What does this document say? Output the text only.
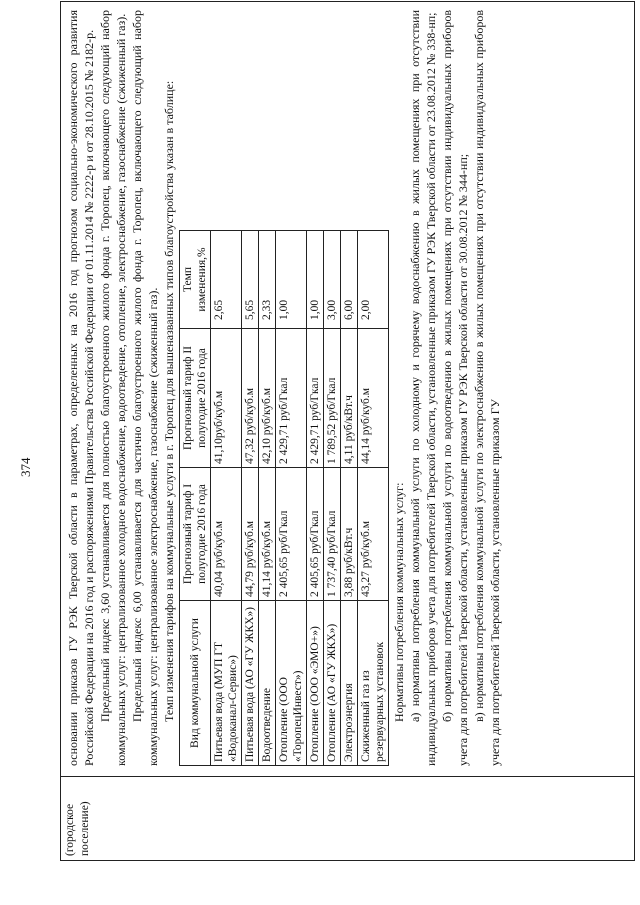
374
(городское поселение)

основании приказов ГУ РЭК Тверской области в параметрах, определенных на 2016 год прогнозом социально-экономического развития Российской Федерации на 2016 год и распоряжениями Правительства Российской Федерации от 01.11.2014 № 2222-р и от 28.10.2015 № 2182-р. Предельный индекс 3,60 устанавливается для полностью благоустроенного жилого фонда г. Торопец, включающего следующий набор коммунальных услуг: централизованное холодное водоснабжение, водоотведение, отопление, электроснабжение, газоснабжение (сжиженный газ). Предельный индекс 6,00 устанавливается для частично благоустроенного жилого фонда г. Торопец, включающего следующий набор коммунальных услуг: централизованное электроснабжение, газоснабжение (сжиженный газ). Темп изменения тарифов на коммунальные услуги в г. Торопец для вышеназванных типов благоустройства указан в таблице: Вид коммунальной услуги	Прогнозный тариф I полугодие 2016 года	Прогнозный тариф II полугодие 2016 года	Темп изменения,%
Питьевая вода (МУП ГТ «Водоканал-Сервис»)	40,04 руб/куб.м	41,10руб/куб.м	2,65
Питьевая вода (АО «ГУ ЖКХ»)	44,79 руб/куб.м	47,32 руб/куб.м	5,65
Водоотведение	41,14 руб/куб.м	42,10 руб/куб.м	2,33
Отопление (ООО «ТоропецИнвест»)	2 405,65 руб/Гкал	2 429,71 руб/Гкал	1,00
Отопление (ООО «ЭМО+»)	2 405,65 руб/Гкал	2 429,71 руб/Гкал	1,00
Отопление (АО «ГУ ЖКХ»)	1 737,40 руб/Гкал	1 789,52 руб/Гкал	3,00
Электроэнергия	3,88 руб/кВт.ч	4,11 руб/кВт.ч	6,00
Сжиженный газ из резервуарных установок	43,27 руб/куб.м	44,14 руб/куб.м	2,00

Нормативы потребления коммунальных услуг: а) нормативы потребления коммунальной услуги по холодному и горячему водоснабжению в жилых помещениях при отсутствии индивидуальных приборов учета для потребителей Тверской области, установленные приказом ГУ РЭК Тверской области от 23.08.2012 № 338-нп; б) нормативы потребления коммунальной услуги по водоотведению в жилых помещениях при отсутствии индивидуальных приборов учета для потребителей Тверской области, установленные приказом ГУ РЭК Тверской области от 30.08.2012 № 344-нп; в) нормативы потребления коммунальной услуги по электроснабжению в жилых помещениях при отсутствии индивидуальных приборов учета для потребителей Тверской области, установленные приказом ГУ
